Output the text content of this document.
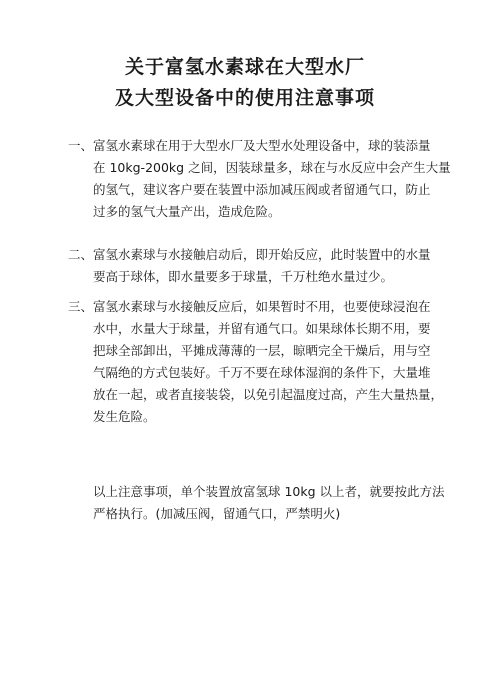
关于富氢水素球在大型水厂
及大型设备中的使用注意事项
一、 富氢水素球在用于大型水厂及大型水处理设备中，球的装添量
在 10kg-200kg 之间，因装球量多，球在与水反应中会产生大量
的氢气，建议客户要在装置中添加减压阀或者留通气口，防止
过多的氢气大量产出，造成危险。
二、 富氢水素球与水接触启动后，即开始反应，此时装置中的水量
要高于球体，即水量要多于球量，千万杜绝水量过少。
三、 富氢水素球与水接触反应后，如果暂时不用，也要使球浸泡在
水中，水量大于球量，并留有通气口。如果球体长期不用，要
把球全部卸出，平摊成薄薄的一层，晾晒完全干燥后，用与空
气隔绝的方式包装好。千万不要在球体湿润的条件下，大量堆
放在一起，或者直接装袋，以免引起温度过高，产生大量热量，
发生危险。
以上注意事项，单个装置放富氢球 10kg 以上者，就要按此方法
严格执行。(加减压阀，留通气口，严禁明火)
